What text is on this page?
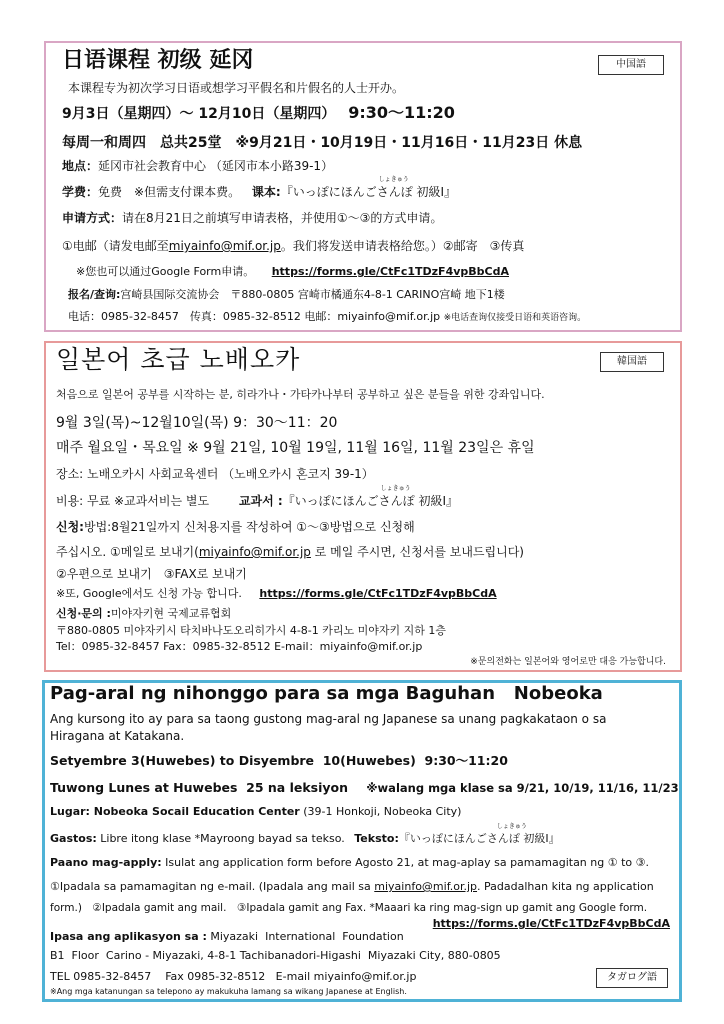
中国語
日语课程 初级 延冈
本课程专为初次学习日语或想学习平假名和片假名的人士开办。
9月3日（星期四）～ 12月10日（星期四） 9:30～11:20
每周一和周四　总共25堂　※9月21日・10月19日・11月16日・11月23日 休息
地点：延冈市社会教育中心 （延冈市本小路39-1）
学费：免费　※但需支付课本费。 课本:
しょきゅう
『いっぽにほんごさんぽ 初級Ⅰ』
申请方式：请在8月21日之前填写申请表格，并使用①～③的方式申请。
①电邮（请发电邮至miyainfo@mif.or.jp。我们将发送申请表格给您。）②邮寄　③传真
※您也可以通过Google Form申请。 https://forms.gle/CtFc1TDzF4vpBbCdA
报名/查询:宫崎县国际交流协会　〒880-0805 宫崎市橘通东4-8-1 CARINO宫崎 地下1楼
电话：0985-32-8457　传真：0985-32-8512 电邮：miyainfo@mif.or.jp ※电话查询仅接受日语和英语咨询。
韓国語
일본어 초급 노배오카
처음으로 일본어 공부를 시작하는 분, 히라가나・가타카나부터 공부하고 싶은 분들을 위한 강좌입니다.
9월 3일(목)~12월10일(목) 9：30～11：20
매주 월요일・목요일 ※ 9월 21일, 10월 19일, 11월 16일, 11월 23일은 휴일
장소: 노배오카시 사회교육센터 （노배오카시 혼코지 39-1）
비용: 무료 ※교과서비는 별도 교과서 :
しょきゅう
『いっぽにほんごさんぽ 初級Ⅰ』
신청:방법:8월21일까지 신처용지를 작성하여 ①～③방법으로 신청해
주십시오. ①메일로 보내기(miyainfo@mif.or.jp 로 메일 주시면, 신청서를 보내드립니다)
②우편으로 보내기　③FAX로 보내기
※또, Google에서도 신청 가능 합니다. https://forms.gle/CtFc1TDzF4vpBbCdA
신청·문의 :미야자키현 국제교류협회
〒880-0805 미야자키시 타치바나도오리히가시 4-8-1 카리노 미야자키 지하 1층
Tel：0985-32-8457 Fax：0985-32-8512 E-mail：miyainfo@mif.or.jp
※문의전화는 일본어와 영어로만 대응 가능합니다.
Pag-aral ng nihonggo para sa mga Baguhan   Nobeoka
Ang kursong ito ay para sa taong gustong mag-aral ng Japanese sa unang pagkakataon o sa
Hiragana at Katakana.
Setyembre 3(Huwebes) to Disyembre  10(Huwebes)  9:30～11:20
Tuwong Lunes at Huwebes  25 na leksiyon ※walang mga klase sa 9/21, 10/19, 11/16, 11/23
Lugar: Nobeoka Socail Education Center (39-1 Honkoji, Nobeoka City)
Gastos: Libre itong klase *Mayroong bayad sa tekso. Teksto:
しょきゅう
『いっぽにほんごさんぽ 初級Ⅰ』
Paano mag-apply: Isulat ang application form before Agosto 21, at mag-aplay sa pamamagitan ng ① to ③.
①Ipadala sa pamamagitan ng e-mail. (Ipadala ang mail sa miyainfo@mif.or.jp. Padadalhan kita ng application
form.)　②Ipadala gamit ang mail.　③Ipadala gamit ang Fax. *Maaari ka ring mag-sign up gamit ang Google form.
https://forms.gle/CtFc1TDzF4vpBbCdA
Ipasa ang aplikasyon sa : Miyazaki  International  Foundation
B1  Floor  Carino - Miyazaki, 4-8-1 Tachibanadori-Higashi  Miyazaki City, 880-0805
TEL 0985-32-8457    Fax 0985-32-8512   E-mail miyainfo@mif.or.jp
※Ang mga katanungan sa telepono ay makukuha lamang sa wikang Japanese at English.
タガログ語
